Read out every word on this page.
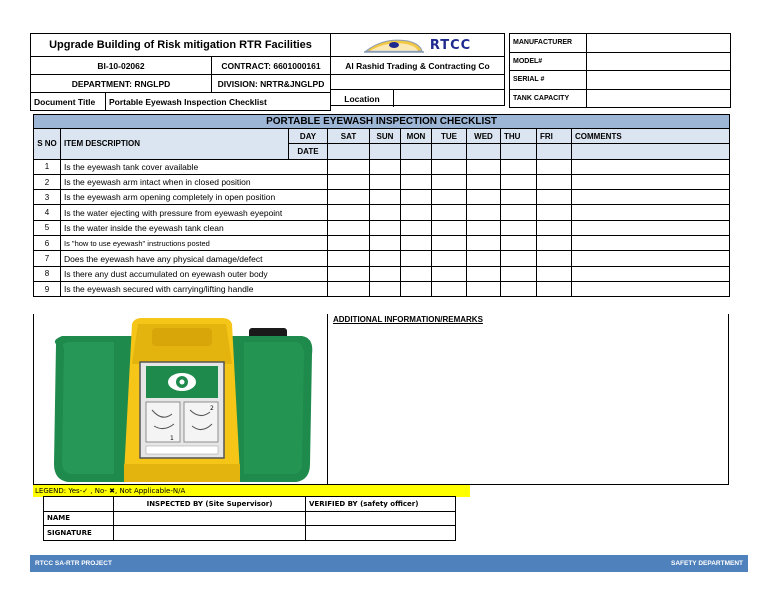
Upgrade Building of Risk mitigation RTR Facilities		
BI-10-02062		CONTRACT: 6601000161
DEPARTMENT: RNGLPD		DIVISION: NRTR&JNGLPD
Document Title	Portable Eyewash Inspection Checklist	
RTCC
Al Rashid Trading & Contracting Co
Location
MANUFACTURER	
MODEL#	
SERIAL #	
TANK CAPACITY	
PORTABLE EYEWASH INSPECTION CHECKLIST										
S NO	ITEM DESCRIPTION	DAY	SAT	SUN	MON	TUE	WED	THU	FRI	COMMENTS
		DATE								
1	Is the eyewash tank cover available									
2	Is the eyewash arm intact when in closed position									
3	Is the eyewash arm opening completely in open position									
4	Is the water ejecting with pressure from eyewash eyepoint									
5	Is the water inside the eyewash tank clean									
6	Is "how to use eyewash" instructions posted									
7	Does the eyewash have any physical damage/defect									
8	Is there any dust accumulated on eyewash outer body									
9	Is the eyewash secured with carrying/lifting handle									
1
2
ADDITIONAL INFORMATION/REMARKS
LEGEND: Yes-✓ , No- ✖, Not Applicable-N/A
	INSPECTED BY (Site Supervisor)	VERIFIED BY (safety officer)
NAME		
SIGNATURE		
RTCC SA-RTR PROJECT	SAFETY DEPARTMENT
